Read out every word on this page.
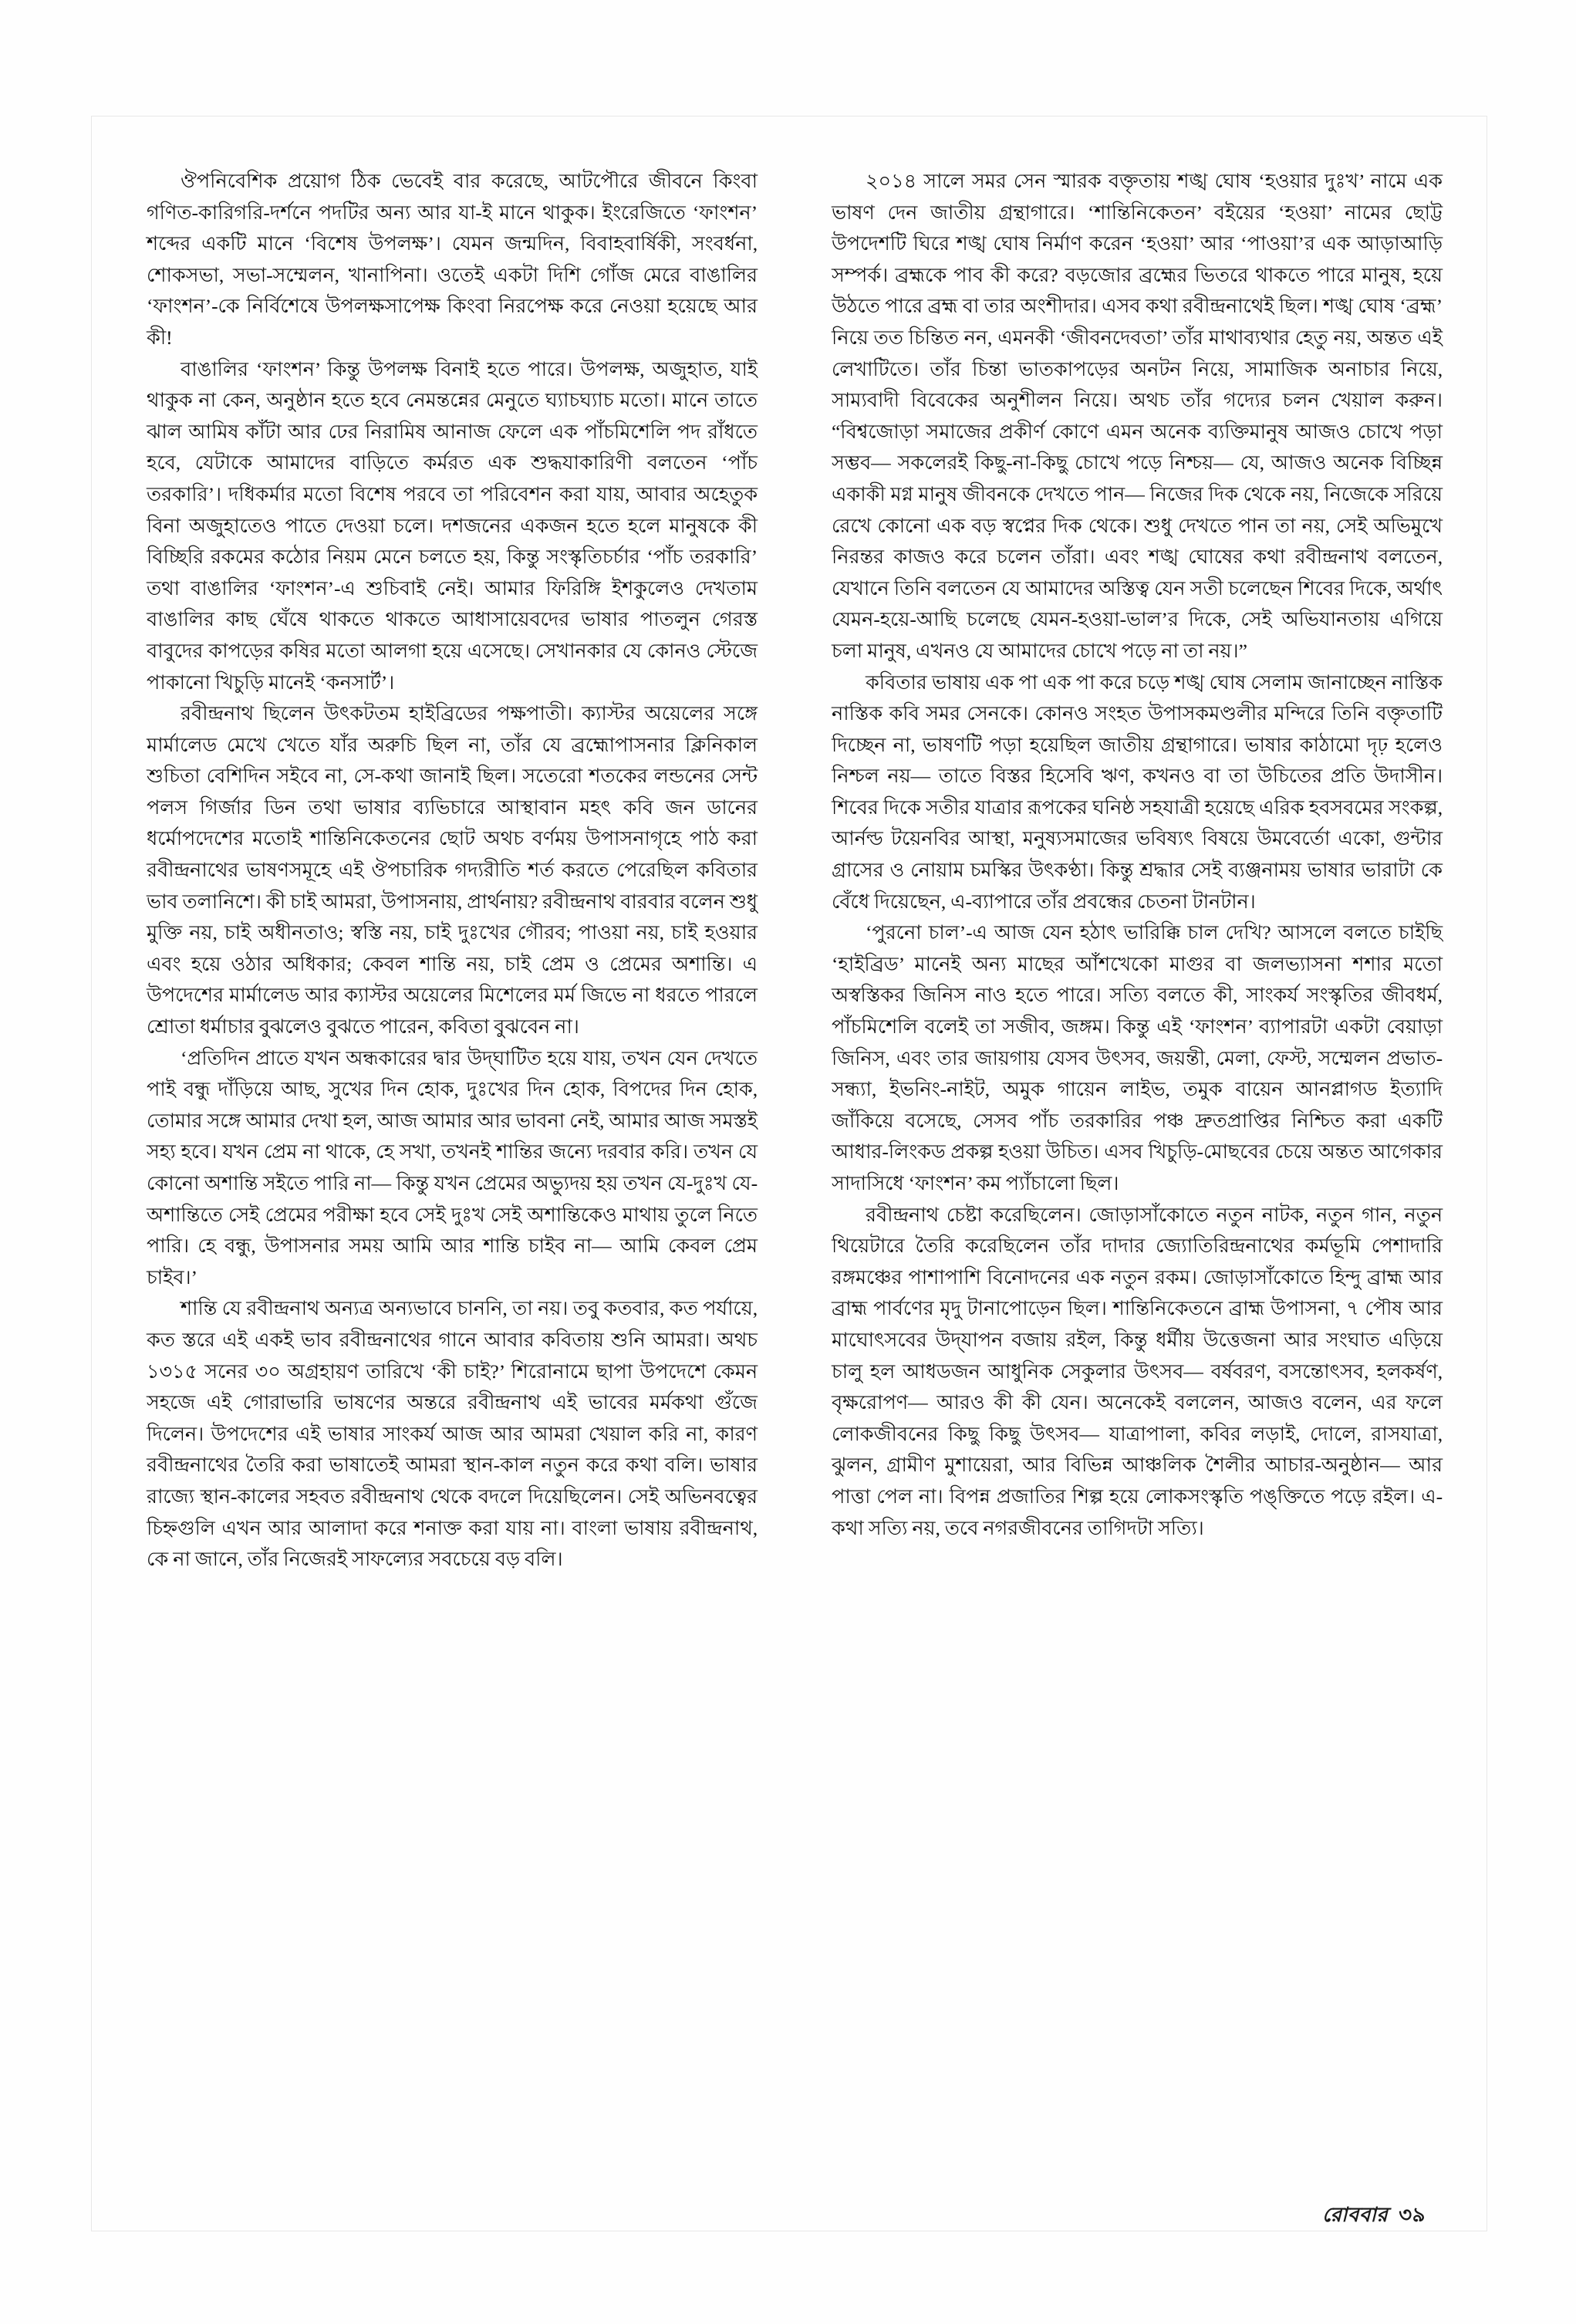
ঔপনিবেশিক প্রয়োগ ঠিক ভেবেই বার করেছে, আটপৌরে জীবনে কিংবা গণিত-কারিগরি-দর্শনে পদটির অন্য আর যা-ই মানে থাকুক। ইংরেজিতে ‘ফাংশন’ শব্দের একটি মানে ‘বিশেষ উপলক্ষ’। যেমন জন্মদিন, বিবাহবার্ষিকী, সংবর্ধনা, শোকসভা, সভা-সম্মেলন, খানাপিনা। ওতেই একটা দিশি গোঁজ মেরে বাঙালির ‘ফাংশন’-কে নির্বিশেষে উপলক্ষসাপেক্ষ কিংবা নিরপেক্ষ করে নেওয়া হয়েছে আর কী!

বাঙালির ‘ফাংশন’ কিন্তু উপলক্ষ বিনাই হতে পারে। উপলক্ষ, অজুহাত, যাই থাকুক না কেন, অনুষ্ঠান হতে হবে নেমন্তন্নের মেনুতে ঘ্যাচঘ্যাচ মতো। মানে তাতে ঝাল আমিষ কাঁটা আর ঢের নিরামিষ আনাজ ফেলে এক পাঁচমিশেলি পদ রাঁধতে হবে, যেটাকে আমাদের বাড়িতে কর্মরত এক শুদ্ধযাকারিণী বলতেন ‘পাঁচ তরকারি’। দধিকর্মার মতো বিশেষ পরবে তা পরিবেশন করা যায়, আবার অহেতুক বিনা অজুহাতেও পাতে দেওয়া চলে। দশজনের একজন হতে হলে মানুষকে কী বিচ্ছিরি রকমের কঠোর নিয়ম মেনে চলতে হয়, কিন্তু সংস্কৃতিচর্চার ‘পাঁচ তরকারি’ তথা বাঙালির ‘ফাংশন’-এ শুচিবাই নেই। আমার ফিরিঙ্গি ইশকুলেও দেখতাম বাঙালির কাছ ঘেঁষে থাকতে থাকতে আধাসায়েবদের ভাষার পাতলুন গেরস্ত বাবুদের কাপড়ের কষির মতো আলগা হয়ে এসেছে। সেখানকার যে কোনও স্টেজে পাকানো খিচুড়ি মানেই ‘কনসার্ট’।

রবীন্দ্রনাথ ছিলেন উৎকটতম হাইব্রিডের পক্ষপাতী। ক্যাস্টর অয়েলের সঙ্গে মার্মালেড মেখে খেতে যাঁর অরুচি ছিল না, তাঁর যে ব্রহ্মোপাসনার ক্লিনিকাল শুচিতা বেশিদিন সইবে না, সে-কথা জানাই ছিল। সতেরো শতকের লন্ডনের সেন্ট পলস গির্জার ডিন তথা ভাষার ব্যভিচারে আস্থাবান মহৎ কবি জন ডানের ধর্মোপদেশের মতোই শান্তিনিকেতনের ছোট অথচ বর্ণময় উপাসনাগৃহে পাঠ করা রবীন্দ্রনাথের ভাষণসমূহে এই ঔপচারিক গদ্যরীতি শর্ত করতে পেরেছিল কবিতার ভাব তলানিশে। কী চাই আমরা, উপাসনায়, প্রার্থনায়? রবীন্দ্রনাথ বারবার বলেন শুধু মুক্তি নয়, চাই অধীনতাও; স্বস্তি নয়, চাই দুঃখের গৌরব; পাওয়া নয়, চাই হওয়ার এবং হয়ে ওঠার অধিকার; কেবল শান্তি নয়, চাই প্রেম ও প্রেমের অশান্তি। এ উপদেশের মার্মালেড আর ক্যাস্টর অয়েলের মিশেলের মর্ম জিভে না ধরতে পারলে শ্রোতা ধর্মাচার বুঝলেও বুঝতে পারেন, কবিতা বুঝবেন না।

‘প্রতিদিন প্রাতে যখন অন্ধকারের দ্বার উদ্‌ঘাটিত হয়ে যায়, তখন যেন দেখতে পাই বন্ধু দাঁড়িয়ে আছ, সুখের দিন হোক, দুঃখের দিন হোক, বিপদের দিন হোক, তোমার সঙ্গে আমার দেখা হল, আজ আমার আর ভাবনা নেই, আমার আজ সমস্তই সহ্য হবে। যখন প্রেম না থাকে, হে সখা, তখনই শান্তির জন্যে দরবার করি। তখন যে কোনো অশান্তি সইতে পারি না— কিন্তু যখন প্রেমের অভ্যুদয় হয় তখন যে-দুঃখ যে-অশান্তিতে সেই প্রেমের পরীক্ষা হবে সেই দুঃখ সেই অশান্তিকেও মাথায় তুলে নিতে পারি। হে বন্ধু, উপাসনার সময় আমি আর শান্তি চাইব না— আমি কেবল প্রেম চাইব।’

শান্তি যে রবীন্দ্রনাথ অন্যত্র অন্যভাবে চাননি, তা নয়। তবু কতবার, কত পর্যায়ে, কত স্তরে এই একই ভাব রবীন্দ্রনাথের গানে আবার কবিতায় শুনি আমরা। অথচ ১৩১৫ সনের ৩০ অগ্রহায়ণ তারিখে ‘কী চাই?’ শিরোনামে ছাপা উপদেশে কেমন সহজে এই গোরাভারি ভাষণের অন্তরে রবীন্দ্রনাথ এই ভাবের মর্মকথা গুঁজে দিলেন। উপদেশের এই ভাষার সাংকর্য আজ আর আমরা খেয়াল করি না, কারণ রবীন্দ্রনাথের তৈরি করা ভাষাতেই আমরা স্থান-কাল নতুন করে কথা বলি। ভাষার রাজ্যে স্থান-কালের সহবত রবীন্দ্রনাথ থেকে বদলে দিয়েছিলেন। সেই অভিনবত্বের চিহ্নগুলি এখন আর আলাদা করে শনাক্ত করা যায় না। বাংলা ভাষায় রবীন্দ্রনাথ, কে না জানে, তাঁর নিজেরই সাফল্যের সবচেয়ে বড় বলি।

২০১৪ সালে সমর সেন স্মারক বক্তৃতায় শঙ্খ ঘোষ ‘হওয়ার দুঃখ’ নামে এক ভাষণ দেন জাতীয় গ্রন্থাগারে। ‘শান্তিনিকেতন’ বইয়ের ‘হওয়া’ নামের ছোট্ট উপদেশটি ঘিরে শঙ্খ ঘোষ নির্মাণ করেন ‘হওয়া’ আর ‘পাওয়া’র এক আড়াআড়ি সম্পর্ক। ব্রহ্মকে পাব কী করে? বড়জোর ব্রহ্মের ভিতরে থাকতে পারে মানুষ, হয়ে উঠতে পারে ব্রহ্ম বা তার অংশীদার। এসব কথা রবীন্দ্রনাথেই ছিল। শঙ্খ ঘোষ ‘ব্রহ্ম’ নিয়ে তত চিন্তিত নন, এমনকী ‘জীবনদেবতা’ তাঁর মাথাব্যথার হেতু নয়, অন্তত এই লেখাটিতে। তাঁর চিন্তা ভাতকাপড়ের অনটন নিয়ে, সামাজিক অনাচার নিয়ে, সাম্যবাদী বিবেকের অনুশীলন নিয়ে। অথচ তাঁর গদ্যের চলন খেয়াল করুন। “বিশ্বজোড়া সমাজের প্রকীর্ণ কোণে এমন অনেক ব্যক্তিমানুষ আজও চোখে পড়া সম্ভব— সকলেরই কিছু-না-কিছু চোখে পড়ে নিশ্চয়— যে, আজও অনেক বিচ্ছিন্ন একাকী মগ্ন মানুষ জীবনকে দেখতে পান— নিজের দিক থেকে নয়, নিজেকে সরিয়ে রেখে কোনো এক বড় স্বপ্নের দিক থেকে। শুধু দেখতে পান তা নয়, সেই অভিমুখে নিরন্তর কাজও করে চলেন তাঁরা। এবং শঙ্খ ঘোষের কথা রবীন্দ্রনাথ বলতেন, যেখানে তিনি বলতেন যে আমাদের অস্তিত্ব যেন সতী চলেছেন শিবের দিকে, অর্থাৎ যেমন-হয়ে-আছি চলেছে যেমন-হওয়া-ভাল’র দিকে, সেই অভিযানতায় এগিয়ে চলা মানুষ, এখনও যে আমাদের চোখে পড়ে না তা নয়।”

কবিতার ভাষায় এক পা এক পা করে চড়ে শঙ্খ ঘোষ সেলাম জানাচ্ছেন নাস্তিক নাস্তিক কবি সমর সেনকে। কোনও সংহত উপাসকমণ্ডলীর মন্দিরে তিনি বক্তৃতাটি দিচ্ছেন না, ভাষণটি পড়া হয়েছিল জাতীয় গ্রন্থাগারে। ভাষার কাঠামো দৃঢ় হলেও নিশ্চল নয়— তাতে বিস্তর হিসেবি ঋণ, কখনও বা তা উচিতের প্রতি উদাসীন। শিবের দিকে সতীর যাত্রার রূপকের ঘনিষ্ঠ সহযাত্রী হয়েছে এরিক হবসবমের সংকল্প, আর্নল্ড টয়েনবির আস্থা, মনুষ্যসমাজের ভবিষ্যৎ বিষয়ে উমবের্তো একো, গুন্টার গ্রাসের ও নোয়াম চমস্কির উৎকণ্ঠা। কিন্তু শ্রদ্ধার সেই ব্যঞ্জনাময় ভাষার ভারাটা কে বেঁধে দিয়েছেন, এ-ব্যাপারে তাঁর প্রবন্ধের চেতনা টানটান।

‘পুরনো চাল’-এ আজ যেন হঠাৎ ভারিক্কি চাল দেখি? আসলে বলতে চাইছি ‘হাইব্রিড’ মানেই অন্য মাছের আঁশখেকো মাগুর বা জলভ্যাসনা শশার মতো অস্বস্তিকর জিনিস নাও হতে পারে। সত্যি বলতে কী, সাংকর্য সংস্কৃতির জীবধর্ম, পাঁচমিশেলি বলেই তা সজীব, জঙ্গম। কিন্তু এই ‘ফাংশন’ ব্যাপারটা একটা বেয়াড়া জিনিস, এবং তার জায়গায় যেসব উৎসব, জয়ন্তী, মেলা, ফেস্ট, সম্মেলন প্রভাত-সন্ধ্যা, ইভনিং-নাইট, অমুক গায়েন লাইভ, তমুক বায়েন আনপ্লাগড ইত্যাদি জাঁকিয়ে বসেছে, সেসব পাঁচ তরকারির পঞ্চ দ্রুতপ্রাপ্তির নিশ্চিত করা একটি আধার-লিংকড প্রকল্প হওয়া উচিত। এসব খিচুড়ি-মোছবের চেয়ে অন্তত আগেকার সাদাসিধে ‘ফাংশন’ কম প্যাঁচালো ছিল।

রবীন্দ্রনাথ চেষ্টা করেছিলেন। জোড়াসাঁকোতে নতুন নাটক, নতুন গান, নতুন থিয়েটারে তৈরি করেছিলেন তাঁর দাদার জ্যোতিরিন্দ্রনাথের কর্মভূমি পেশাদারি রঙ্গমঞ্চের পাশাপাশি বিনোদনের এক নতুন রকম। জোড়াসাঁকোতে হিন্দু ব্রাহ্ম আর ব্রাহ্ম পার্বণের মৃদু টানাপোড়েন ছিল। শান্তিনিকেতনে ব্রাহ্ম উপাসনা, ৭ পৌষ আর মাঘোৎসবের উদ্‌যাপন বজায় রইল, কিন্তু ধর্মীয় উত্তেজনা আর সংঘাত এড়িয়ে চালু হল আধডজন আধুনিক সেকুলার উৎসব— বর্ষবরণ, বসন্তোৎসব, হলকর্ষণ, বৃক্ষরোপণ— আরও কী কী যেন। অনেকেই বললেন, আজও বলেন, এর ফলে লোকজীবনের কিছু কিছু উৎসব— যাত্রাপালা, কবির লড়াই, দোলে, রাসযাত্রা, ঝুলন, গ্রামীণ মুশায়েরা, আর বিভিন্ন আঞ্চলিক শৈলীর আচার-অনুষ্ঠান— আর পাত্তা পেল না। বিপন্ন প্রজাতির শিল্প হয়ে লোকসংস্কৃতি পঙ্‌ক্তিতে পড়ে রইল। এ-কথা সত্যি নয়, তবে নগরজীবনের তাগিদটা সত্যি।

রোববার ৩৯
